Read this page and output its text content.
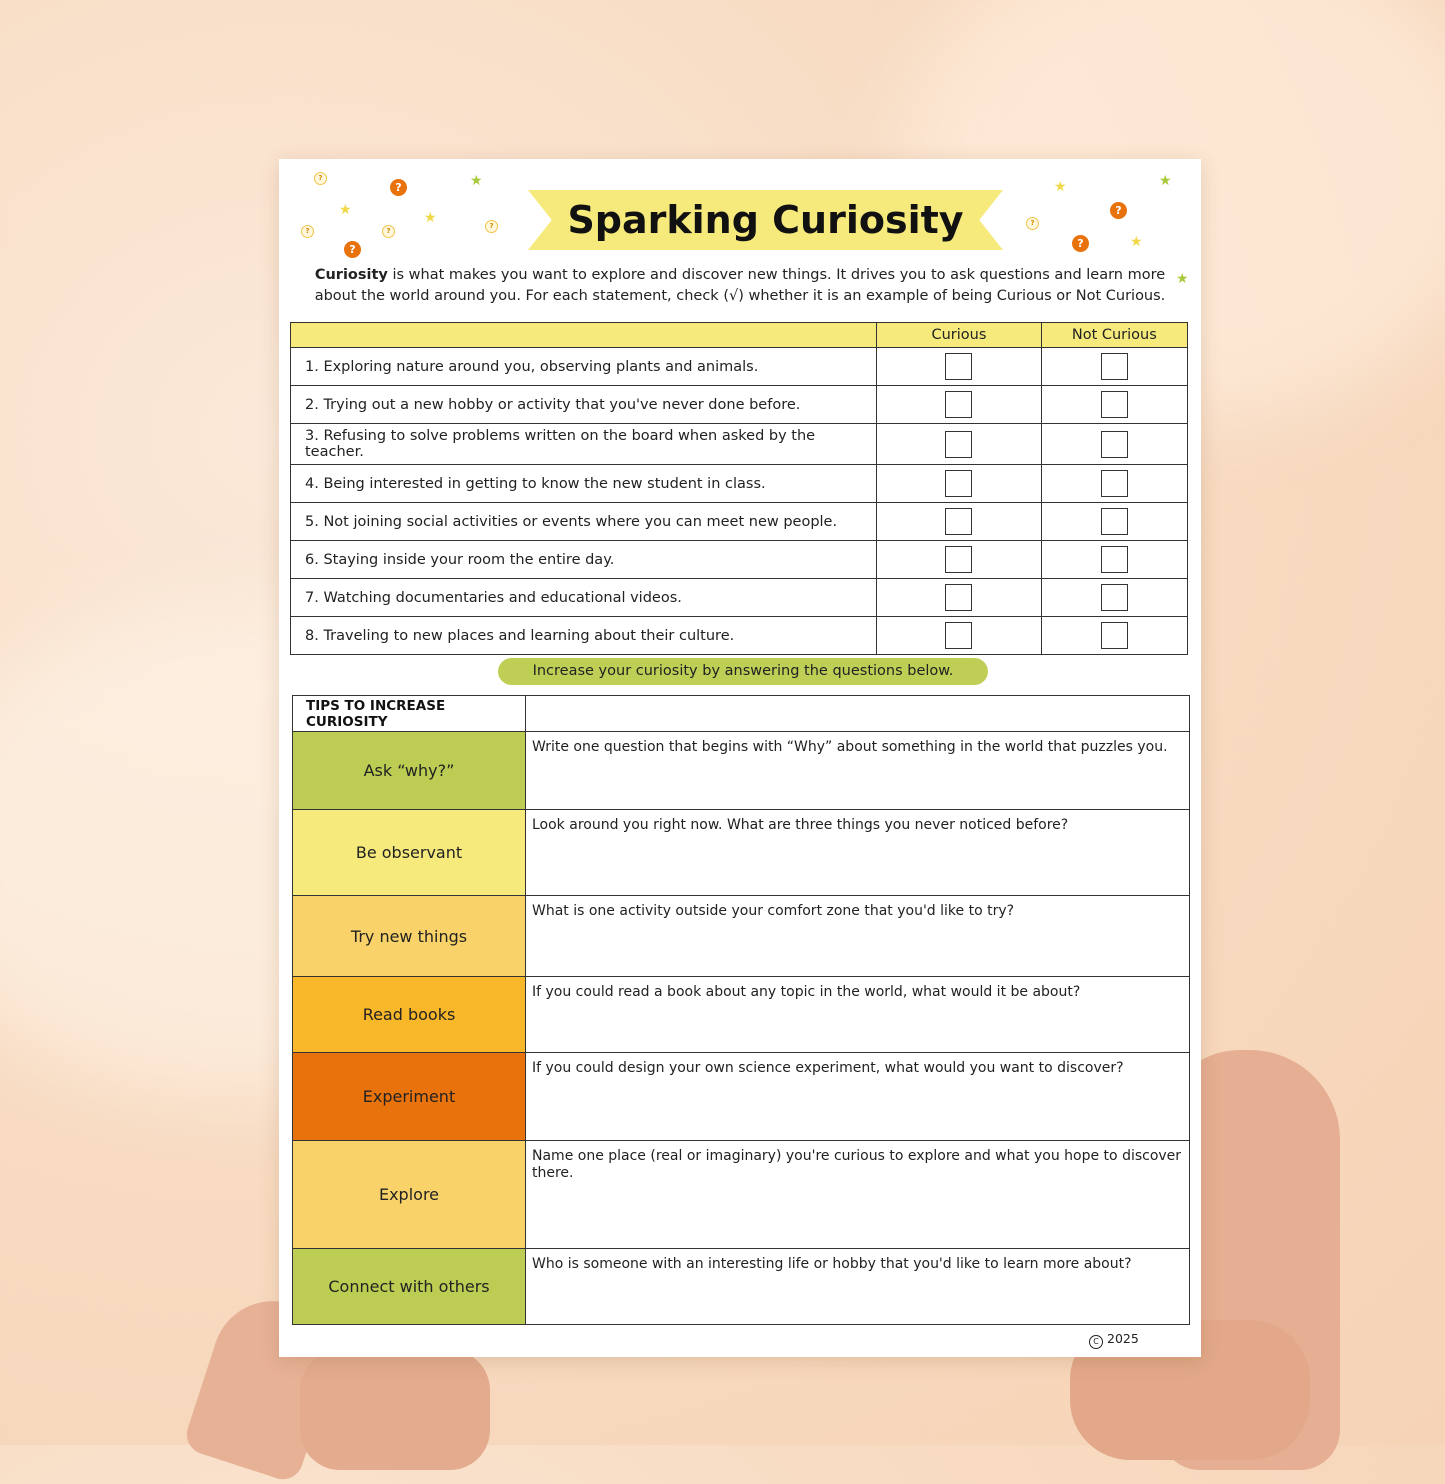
?
?	★
★	★
?	?
?
?
★	★
?
?
?	★
★
Sparking Curiosity
Curiosity is what makes you want to explore and discover new things. It drives you to ask questions and learn more
about the world around you. For each statement, check (√) whether it is an example of being Curious or Not Curious.
	Curious	Not Curious
1. Exploring nature around you, observing plants and animals.		
2. Trying out a new hobby or activity that you've never done before.		
3. Refusing to solve problems written on the board when asked by the teacher.		
4. Being interested in getting to know the new student in class.		
5. Not joining social activities or events where you can meet new people.		
6. Staying inside your room the entire day.		
7. Watching documentaries and educational videos.		
8. Traveling to new places and learning about their culture.		
Increase your curiosity by answering the questions below.
TIPS TO INCREASE CURIOSITY	
Ask “why?”	Write one question that begins with “Why” about something in the world that puzzles you.
Be observant	Look around you right now. What are three things you never noticed before?
Try new things	What is one activity outside your comfort zone that you'd like to try?
Read books	If you could read a book about any topic in the world, what would it be about?
Experiment	If you could design your own science experiment, what would you want to discover?
Explore	Name one place (real or imaginary) you're curious to explore and what you hope to discover there.
Connect with others	Who is someone with an interesting life or hobby that you'd like to learn more about?
C 2025
